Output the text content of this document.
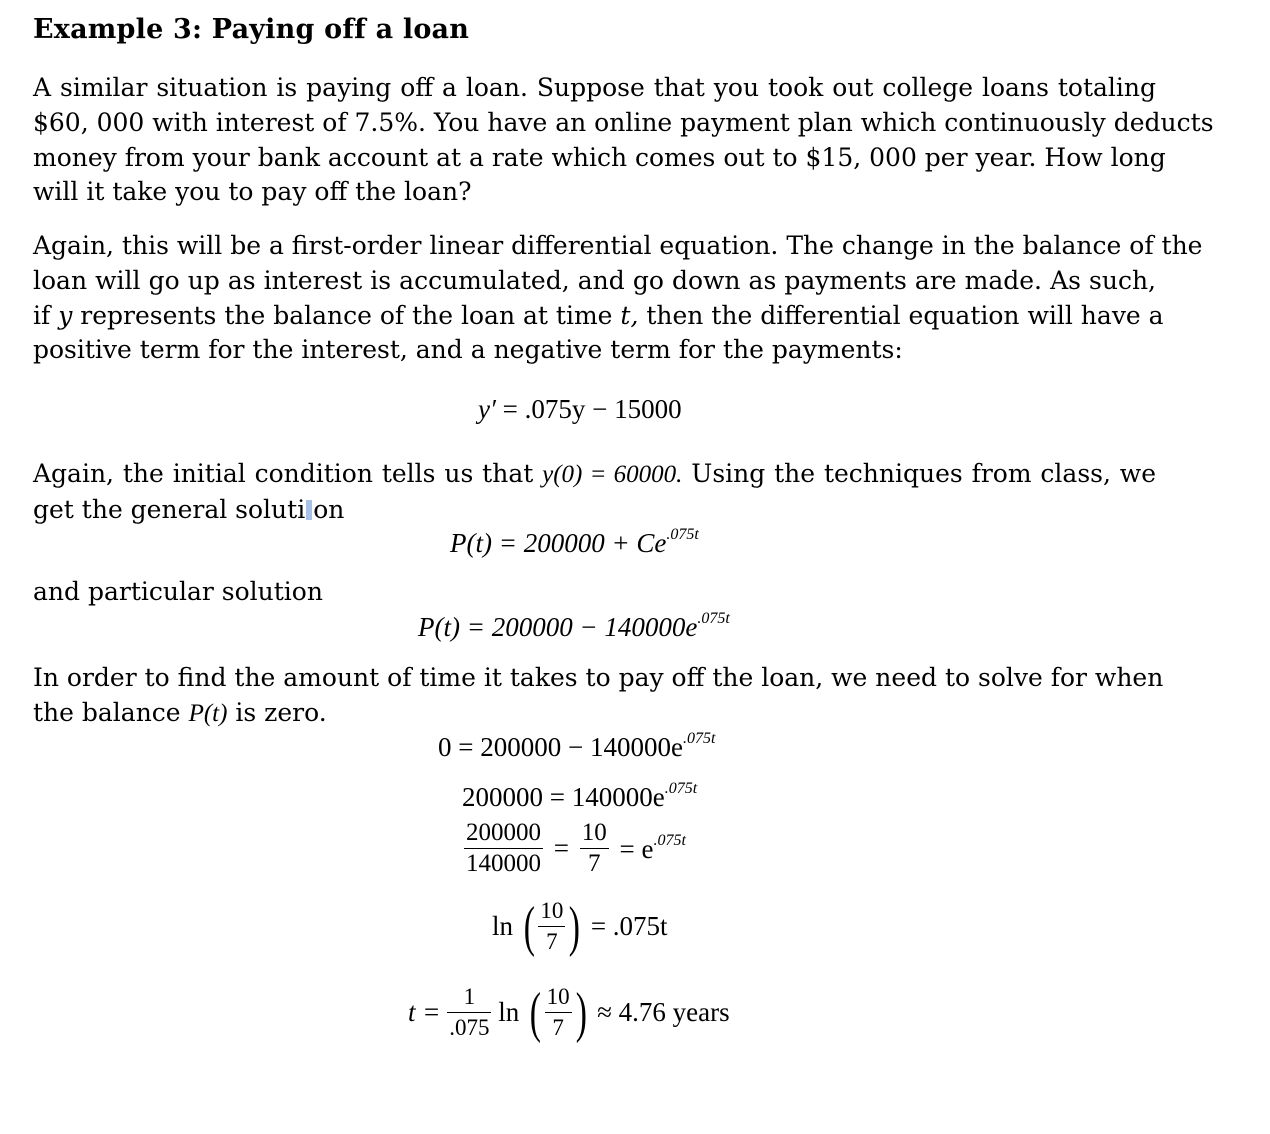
Example 3: Paying off a loan
A similar situation is paying off a loan. Suppose that you took out college loans totaling
$60, 000 with interest of 7.5%. You have an online payment plan which continuously deducts
money from your bank account at a rate which comes out to $15, 000 per year. How long
will it take you to pay off the loan?
Again, this will be a first-order linear differential equation. The change in the balance of the
loan will go up as interest is accumulated, and go down as payments are made. As such,
if y represents the balance of the loan at time t, then the differential equation will have a
positive term for the interest, and a negative term for the payments:
y′ = .075y − 15000
Again, the initial condition tells us that y(0) = 60000. Using the techniques from class, we
get the general soluti on
$P(t) = 200000 + Ce^{.075t}$
and particular solution
$P(t) = 200000 - 140000e^{.075t}$
In order to find the amount of time it takes to pay off the loan, we need to solve for when
the balance P(t) is zero.
$0 = 200000 - 140000e^{.075t}$
$200000 = 140000e^{.075t}$
$\frac{200000}{140000} = \frac{10}{7} = e^{.075t}$
ln ( $\frac{10}{7}$ ) = .075t
$t = \frac{1}{.075}$ ln ( $\frac{10}{7}$ ) ≈ 4.76 years
